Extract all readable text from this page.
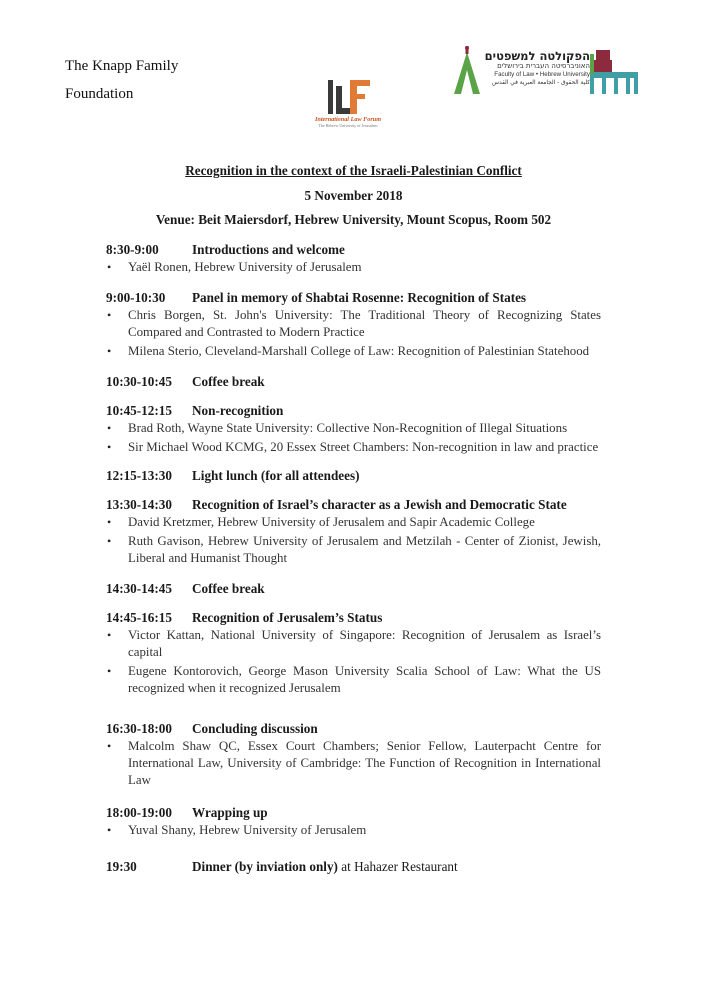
The Knapp Family
Foundation
International Law Forum
The Hebrew University of Jerusalem
הפקולטה למשפטים
האוניברסיטה העברית בירושלים
Faculty of Law • Hebrew University
كلية الحقوق - الجامعة العبرية في القدس
Recognition in the context of the Israeli-Palestinian Conflict
5 November 2018
Venue: Beit Maiersdorf, Hebrew University, Mount Scopus, Room 502
8:30-9:00	Introductions and welcome
• Yaël Ronen, Hebrew University of Jerusalem
9:00-10:30	Panel in memory of Shabtai Rosenne: Recognition of States
• Chris Borgen, St. John's University: The Traditional Theory of Recognizing States Compared and Contrasted to Modern Practice
• Milena Sterio, Cleveland-Marshall College of Law: Recognition of Palestinian Statehood
10:30-10:45	Coffee break
10:45-12:15	Non-recognition
• Brad Roth, Wayne State University: Collective Non-Recognition of Illegal Situations
• Sir Michael Wood KCMG, 20 Essex Street Chambers: Non-recognition in law and practice
12:15-13:30	Light lunch (for all attendees)
13:30-14:30	Recognition of Israel’s character as a Jewish and Democratic State
• David Kretzmer, Hebrew University of Jerusalem and Sapir Academic College
• Ruth Gavison, Hebrew University of Jerusalem and Metzilah - Center of Zionist, Jewish, Liberal and Humanist Thought
14:30-14:45	Coffee break
14:45-16:15	Recognition of Jerusalem’s Status
• Victor Kattan, National University of Singapore: Recognition of Jerusalem as Israel’s capital
• Eugene Kontorovich, George Mason University Scalia School of Law: What the US recognized when it recognized Jerusalem
16:30-18:00	Concluding discussion
• Malcolm Shaw QC, Essex Court Chambers; Senior Fellow, Lauterpacht Centre for International Law, University of Cambridge: The Function of Recognition in International Law
18:00-19:00	Wrapping up
• Yuval Shany, Hebrew University of Jerusalem
19:30	Dinner (by inviation only) at Hahazer Restaurant
